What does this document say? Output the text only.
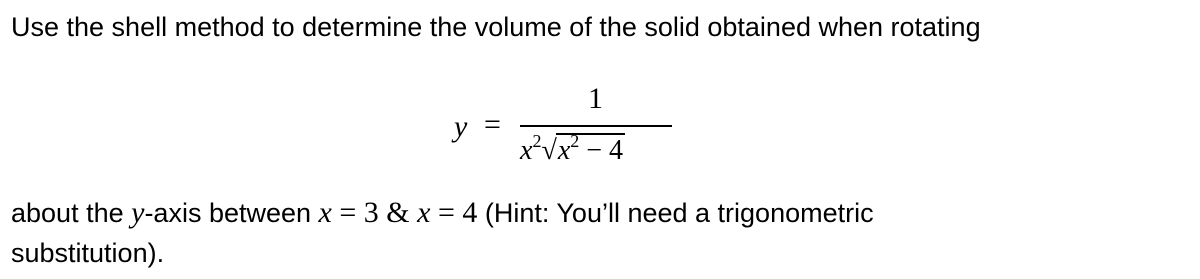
Use the shell method to determine the volume of the solid obtained when rotating
y =
1
$x^2√x^2 - 4$
about the y-axis between x = 3 & x = 4 (Hint: You’ll need a trigonometric
substitution).
